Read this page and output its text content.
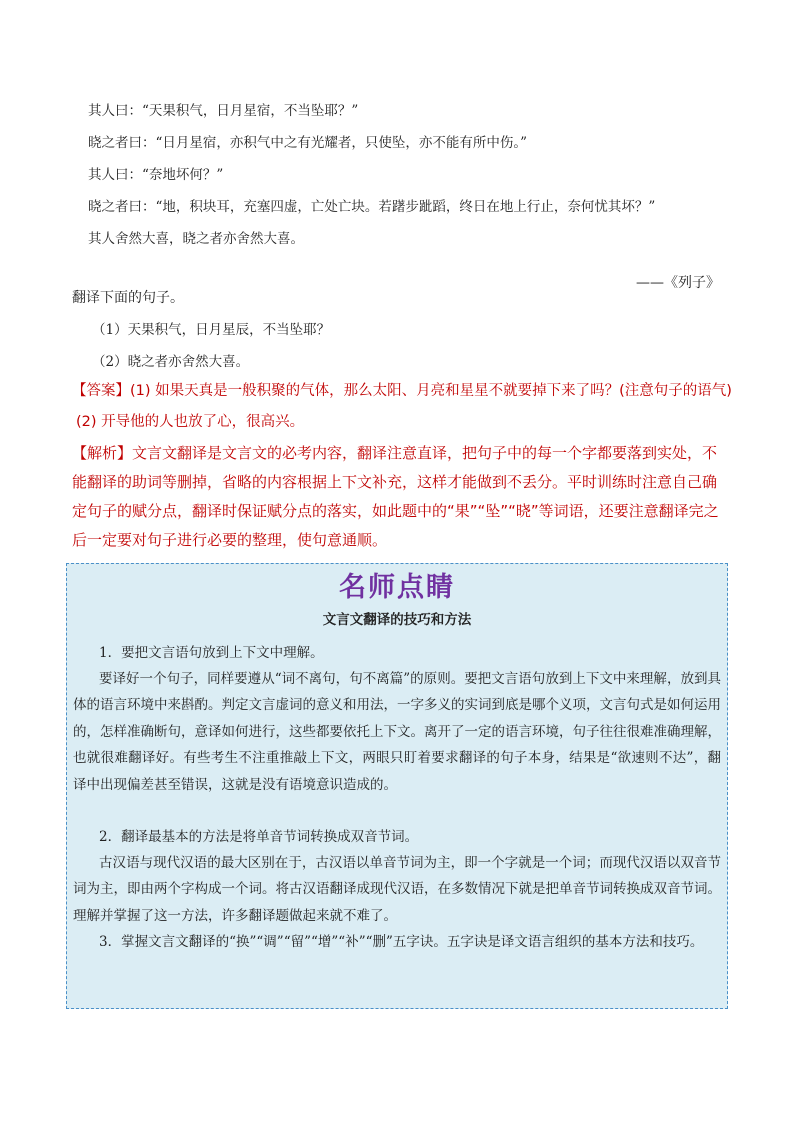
其人曰：“天果积气，日月星宿，不当坠耶？”

晓之者曰：“日月星宿，亦积气中之有光耀者，只使坠，亦不能有所中伤。”

其人曰：“奈地坏何？”

晓之者曰：“地，积块耳，充塞四虚，亡处亡块。若躇步跐蹈，终日在地上行止，奈何忧其坏？”

其人舍然大喜，晓之者亦舍然大喜。

——《列子》

翻译下面的句子。

（1）天果积气，日月星辰，不当坠耶？

（2）晓之者亦舍然大喜。

【答案】(1) 如果天真是一般积聚的气体，那么太阳、月亮和星星不就要掉下来了吗？(注意句子的语气)

(2) 开导他的人也放了心，很高兴。

【解析】文言文翻译是文言文的必考内容，翻译注意直译，把句子中的每一个字都要落到实处，不能翻译的助词等删掉，省略的内容根据上下文补充，这样才能做到不丢分。平时训练时注意自己确定句子的赋分点，翻译时保证赋分点的落实，如此题中的“果”“坠”“晓”等词语，还要注意翻译完之后一定要对句子进行必要的整理，使句意通顺。
名师点睛
文言文翻译的技巧和方法
1．要把文言语句放到上下文中理解。
要译好一个句子，同样要遵从“词不离句，句不离篇”的原则。要把文言语句放到上下文中来理解，放到具体的语言环境中来斟酌。判定文言虚词的意义和用法，一字多义的实词到底是哪个义项，文言句式是如何运用的，怎样准确断句，意译如何进行，这些都要依托上下文。离开了一定的语言环境，句子往往很难准确理解，也就很难翻译好。有些考生不注重推敲上下文，两眼只盯着要求翻译的句子本身，结果是“欲速则不达”，翻译中出现偏差甚至错误，这就是没有语境意识造成的。
2．翻译最基本的方法是将单音节词转换成双音节词。
古汉语与现代汉语的最大区别在于，古汉语以单音节词为主，即一个字就是一个词；而现代汉语以双音节词为主，即由两个字构成一个词。将古汉语翻译成现代汉语，在多数情况下就是把单音节词转换成双音节词。理解并掌握了这一方法，许多翻译题做起来就不难了。
3．掌握文言文翻译的“换”“调”“留”“增”“补”“删”五字诀。五字诀是译文语言组织的基本方法和技巧。
